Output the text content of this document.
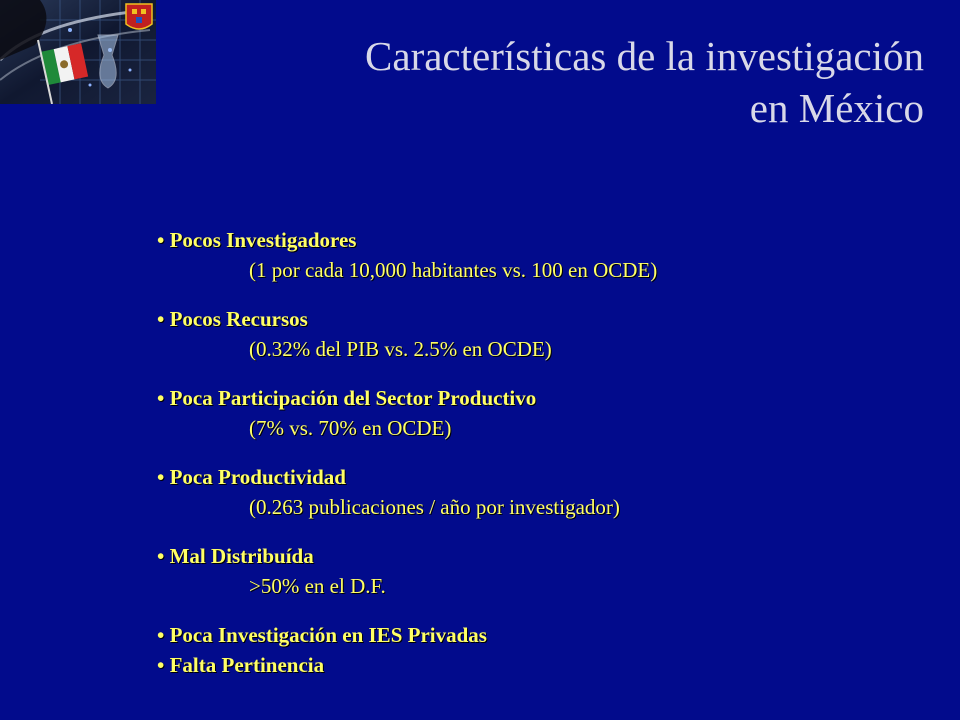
Características de la investigación
en México
• Pocos Investigadores
(1 por cada 10,000 habitantes vs. 100 en OCDE)
• Pocos Recursos
(0.32% del PIB vs. 2.5% en OCDE)
• Poca Participación del Sector Productivo
(7% vs. 70% en OCDE)
• Poca Productividad
(0.263 publicaciones / año por investigador)
• Mal Distribuída
>50% en el D.F.
• Poca Investigación en IES Privadas
• Falta Pertinencia
